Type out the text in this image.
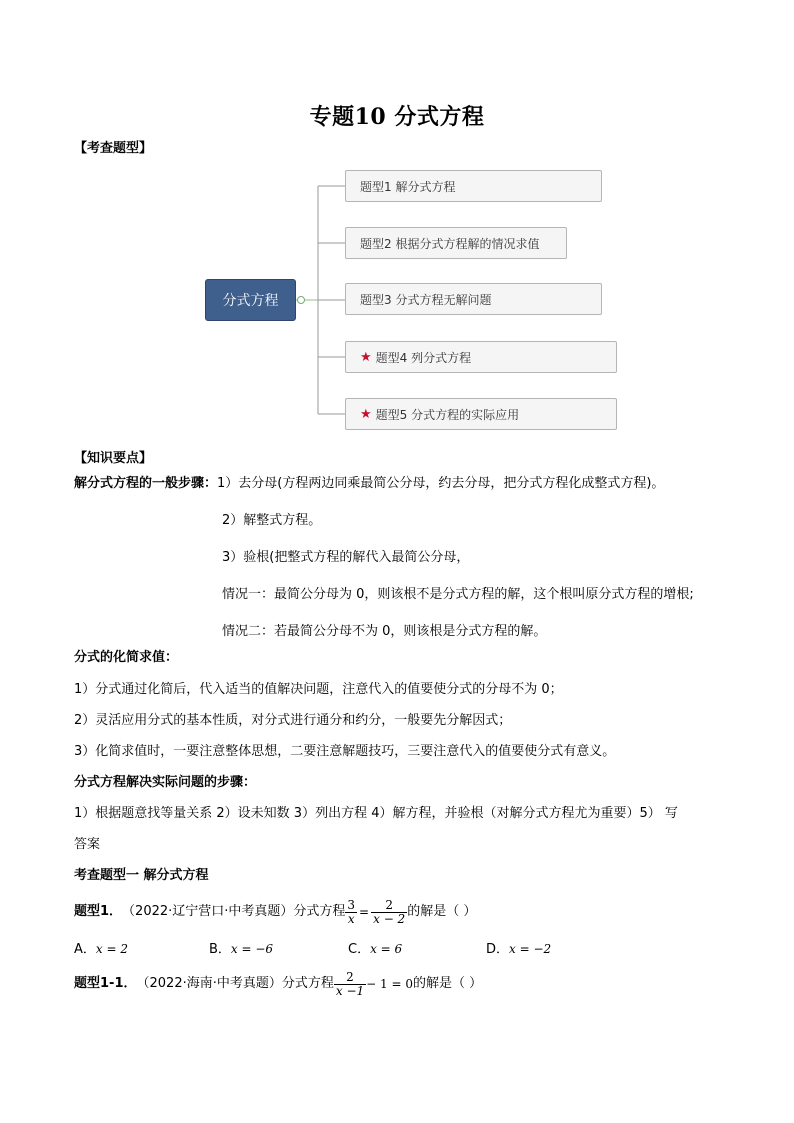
专题10 分式方程
【考查题型】
分式方程
题型1 解分式方程
题型2 根据分式方程解的情况求值
题型3 分式方程无解问题
★ 题型4 列分式方程
★ 题型5 分式方程的实际应用
【知识要点】
解分式方程的一般步骤：1）去分母(方程两边同乘最简公分母，约去分母，把分式方程化成整式方程)。
2）解整式方程。
3）验根(把整式方程的解代入最简公分母，
情况一：最简公分母为 0，则该根不是分式方程的解，这个根叫原分式方程的增根;
情况二：若最简公分母不为 0，则该根是分式方程的解。
分式的化简求值：
1）分式通过化简后，代入适当的值解决问题，注意代入的值要使分式的分母不为 0；
2）灵活应用分式的基本性质，对分式进行通分和约分，一般要先分解因式；
3）化简求值时，一要注意整体思想，二要注意解题技巧，三要注意代入的值要使分式有意义。
分式方程解决实际问题的步骤：
1）根据题意找等量关系 2）设未知数 3）列出方程 4）解方程，并验根（对解分式方程尤为重要）5） 写
答案
考查题型一 解分式方程
题型1． （2022·辽宁营口·中考真题）分式方程 $\frac{3}{x} = \frac{2}{x - 2}$ 的解是（ ）
A．x = 2	B．x = −6	C．x = 6	D．x = −2
题型1-1． （2022·海南·中考真题）分式方程 $\frac{2}{x -1} - 1 = 0$ 的解是（ ）
